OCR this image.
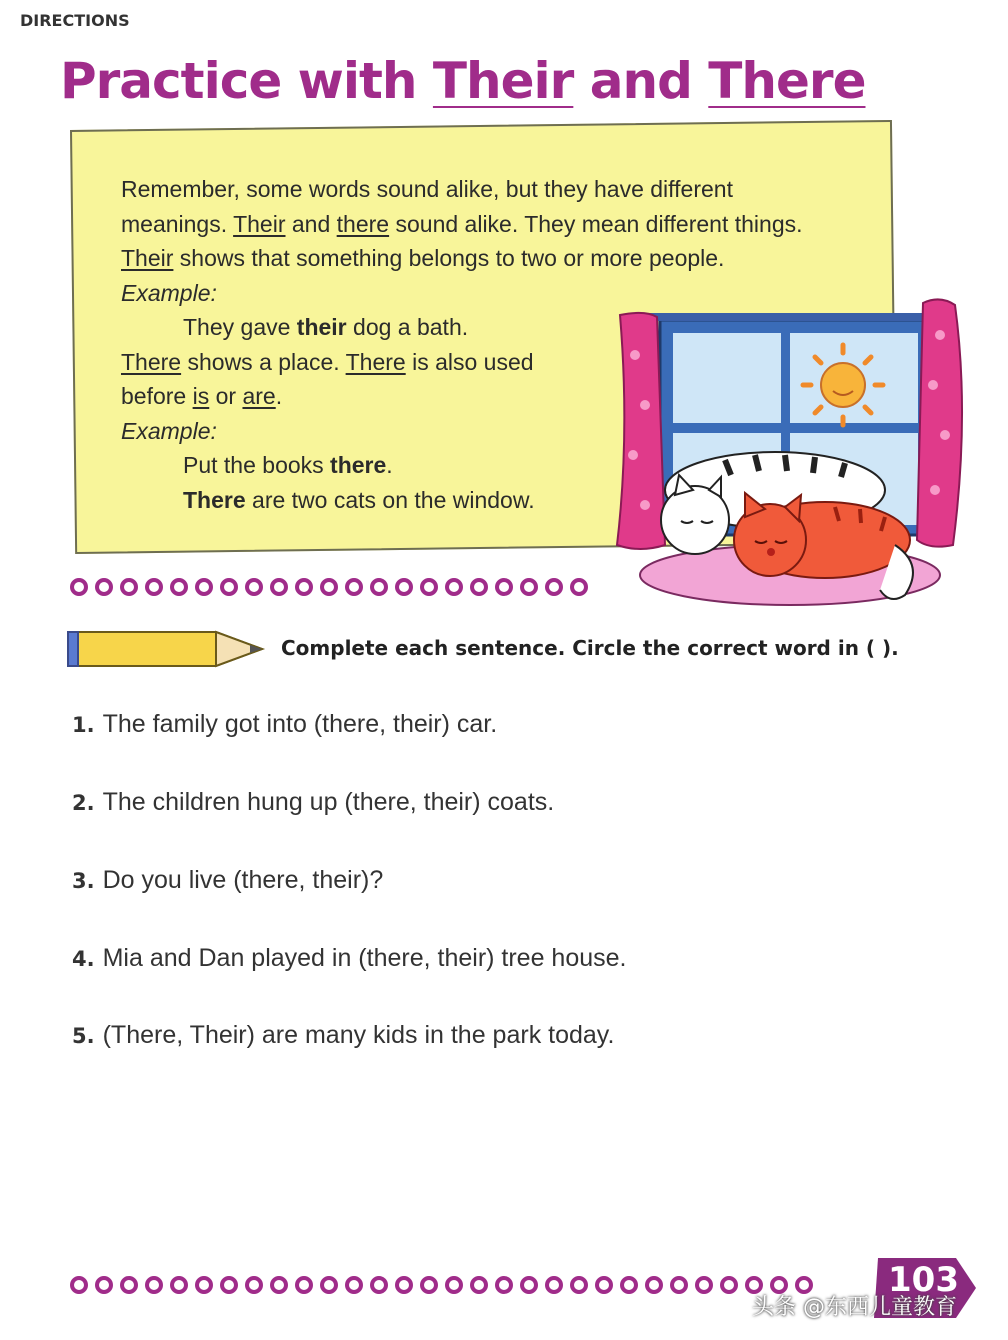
Practice with Their and There
Remember, some words sound alike, but they have different
meanings. Their and there sound alike. They mean different things.
Their shows that something belongs to two or more people.
Example:
They gave their dog a bath.
There shows a place. There is also used
before is or are.
Example:
Put the books there.
There are two cats on the window.
DIRECTIONS
Complete each sentence. Circle the correct word in ( ).
1. The family got into (there, their) car.
2. The children hung up (there, their) coats.
3. Do you live (there, their)?
4. Mia and Dan played in (there, their) tree house.
5. (There, Their) are many kids in the park today.
103
头条 @东西儿童教育
